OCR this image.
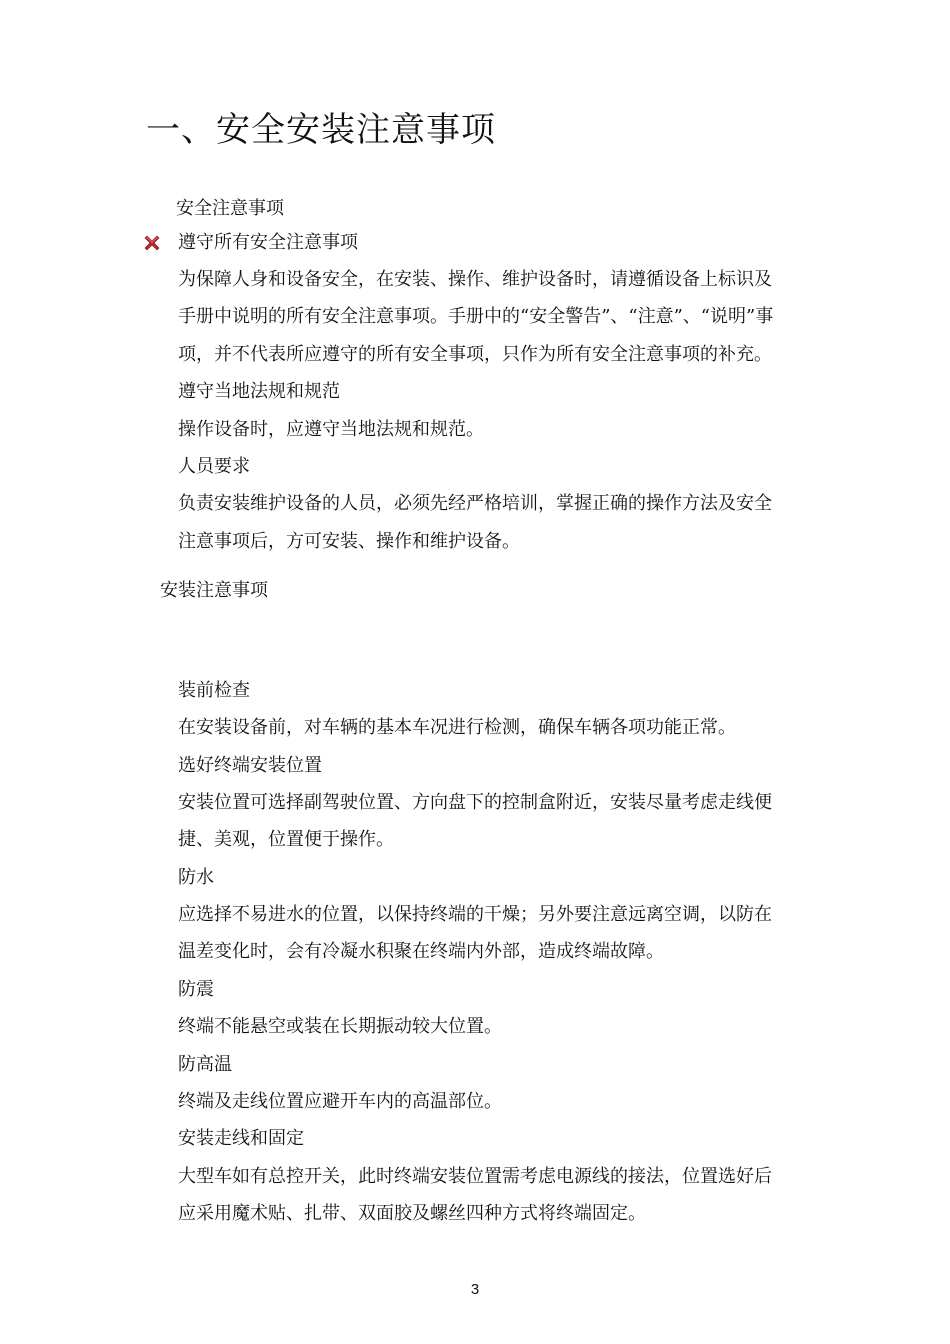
一、安全安装注意事项
安全注意事项
遵守所有安全注意事项
为保障人身和设备安全，在安装、操作、维护设备时，请遵循设备上标识及
手册中说明的所有安全注意事项。手册中的“安全警告”、“注意”、“说明”事
项，并不代表所应遵守的所有安全事项，只作为所有安全注意事项的补充。
遵守当地法规和规范
操作设备时，应遵守当地法规和规范。
人员要求
负责安装维护设备的人员，必须先经严格培训，掌握正确的操作方法及安全
注意事项后，方可安装、操作和维护设备。
安装注意事项
装前检查
在安装设备前，对车辆的基本车况进行检测，确保车辆各项功能正常。
选好终端安装位置
安装位置可选择副驾驶位置、方向盘下的控制盒附近，安装尽量考虑走线便
捷、美观，位置便于操作。
防水
应选择不易进水的位置，以保持终端的干燥；另外要注意远离空调，以防在
温差变化时，会有冷凝水积聚在终端内外部，造成终端故障。
防震
终端不能悬空或装在长期振动较大位置。
防高温
终端及走线位置应避开车内的高温部位。
安装走线和固定
大型车如有总控开关，此时终端安装位置需考虑电源线的接法，位置选好后
应采用魔术贴、扎带、双面胶及螺丝四种方式将终端固定。
3
